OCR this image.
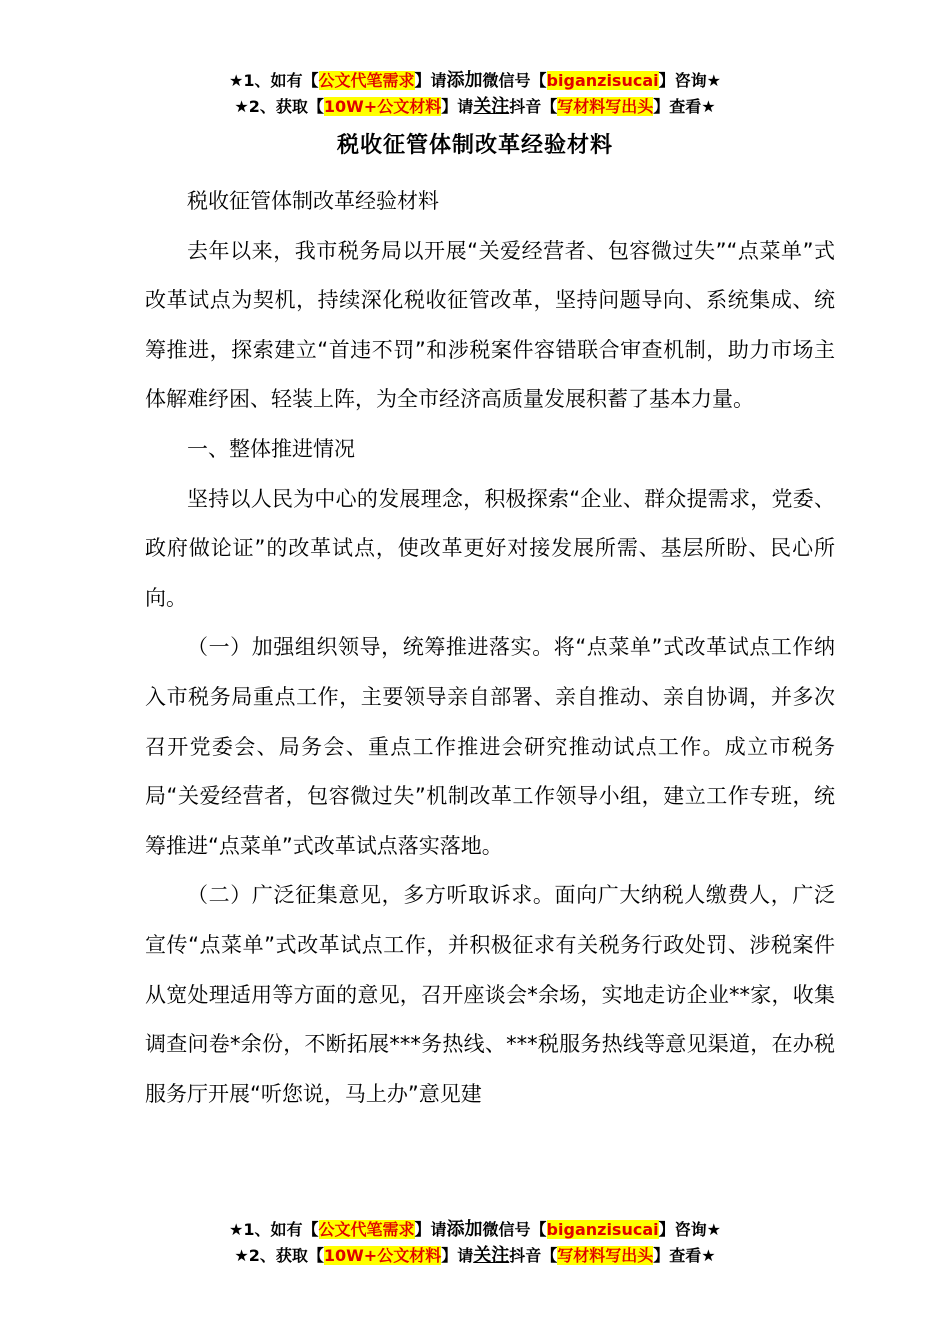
★1、如有【公文代笔需求】请添加微信号【biganzisucai】咨询★
★2、获取【10W+公文材料】请关注抖音【写材料写出头】查看★
税收征管体制改革经验材料

税收征管体制改革经验材料

去年以来，我市税务局以开展“关爱经营者、包容微过失”“点菜单”式改革试点为契机，持续深化税收征管改革，坚持问题导向、系统集成、统筹推进，探索建立“首违不罚”和涉税案件容错联合审查机制，助力市场主体解难纾困、轻装上阵，为全市经济高质量发展积蓄了基本力量。

一、整体推进情况

坚持以人民为中心的发展理念，积极探索“企业、群众提需求，党委、政府做论证”的改革试点，使改革更好对接发展所需、基层所盼、民心所向。

（一）加强组织领导，统筹推进落实。将“点菜单”式改革试点工作纳入市税务局重点工作，主要领导亲自部署、亲自推动、亲自协调，并多次召开党委会、局务会、重点工作推进会研究推动试点工作。成立市税务局“关爱经营者，包容微过失”机制改革工作领导小组，建立工作专班，统筹推进“点菜单”式改革试点落实落地。

（二）广泛征集意见，多方听取诉求。面向广大纳税人缴费人，广泛宣传“点菜单”式改革试点工作，并积极征求有关税务行政处罚、涉税案件从宽处理适用等方面的意见，召开座谈会*余场，实地走访企业**家，收集调查问卷*余份，不断拓展***务热线、***税服务热线等意见渠道，在办税服务厅开展“听您说，马上办”意见建

★1、如有【公文代笔需求】请添加微信号【biganzisucai】咨询★
★2、获取【10W+公文材料】请关注抖音【写材料写出头】查看★
